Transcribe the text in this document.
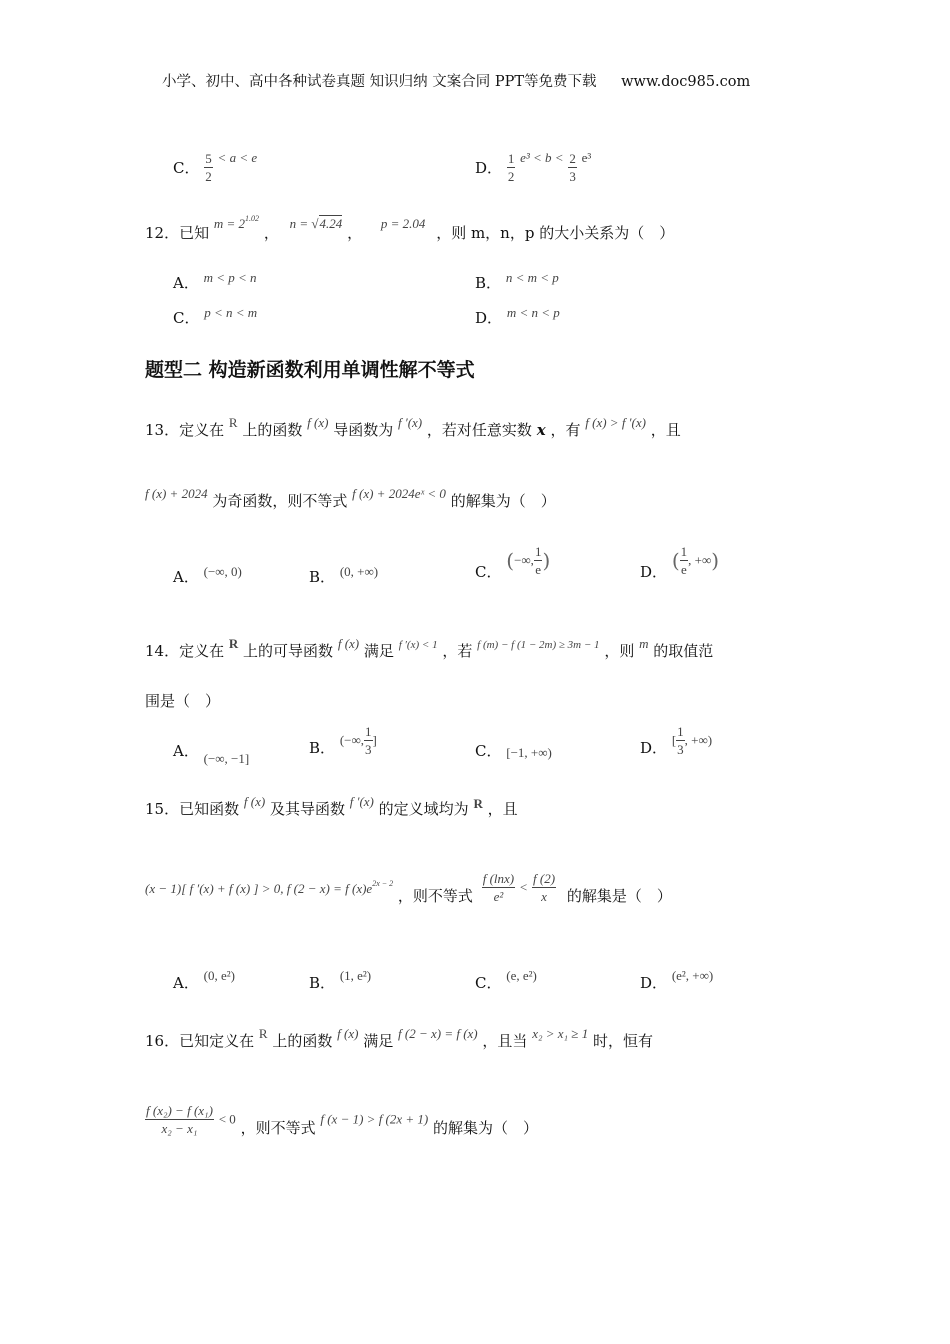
小学、初中、高中各种试卷真题 知识归纳 文案合同 PPT等免费下载 www.doc985.com
C． $\frac{5}{2} < a < e$
D． $\frac{1}{2} e^3 < b < \frac{2}{3} e^3$
12．已知 $m = 2^{1.02}$ ， n = √4.24 ， p = 2.04 ，则 m，n，p 的大小关系为（　）
A． m < p < n	B． n < m < p
C． p < n < m	D． m < n < p
题型二 构造新函数利用单调性解不等式
13．定义在 R 上的函数 f (x) 导函数为 f ′(x) ，若对任意实数 x ，有 f (x) > f ′(x) ，且
f (x) + 2024 为奇函数，则不等式 f (x) + 2024eˣ < 0 的解集为（　）
A． (−∞, 0)	B． (0, +∞)	C． (−∞, $\frac{1}{e}$ )	D． ( $\frac{1}{e}$ , +∞)
14．定义在 R 上的可导函数 f (x) 满足 $^{f '(x) < 1}$ ，若 $^{f (m) - f (1 - 2m) \ge 3m - 1}$ ，则 m 的取值范
围是（　）
A． (−∞, −1]
B． (−∞, $\frac{1}{3}$ ]
C． [−1, +∞)	D． [ $\frac{1}{3}$ , +∞)
15．已知函数 f (x) 及其导函数 f ′(x) 的定义域均为 R ，且
(x − 1)[ f ′(x) + f (x) ] > 0, f (2 − x) = f $(x)e^{2x - 2}$ ，则不等式 $\frac{f (\ln x)}{\text{e²}} < \frac{f (2)}{x}$ 的解集是（　）
A． (0, e²)	B． (1, e²)	C． (e, e²)	D． (e², +∞)
16．已知定义在 R 上的函数 f (x) 满足 f (2 − x) = f (x) ，且当 x₂ > x₁ ≥ 1 时，恒有
$\frac{\text{f (x₂) − f (x₁)}}{\text{x₂ − x₁}} < 0$ ，则不等式 f (x − 1) > f (2x + 1) 的解集为（　）
